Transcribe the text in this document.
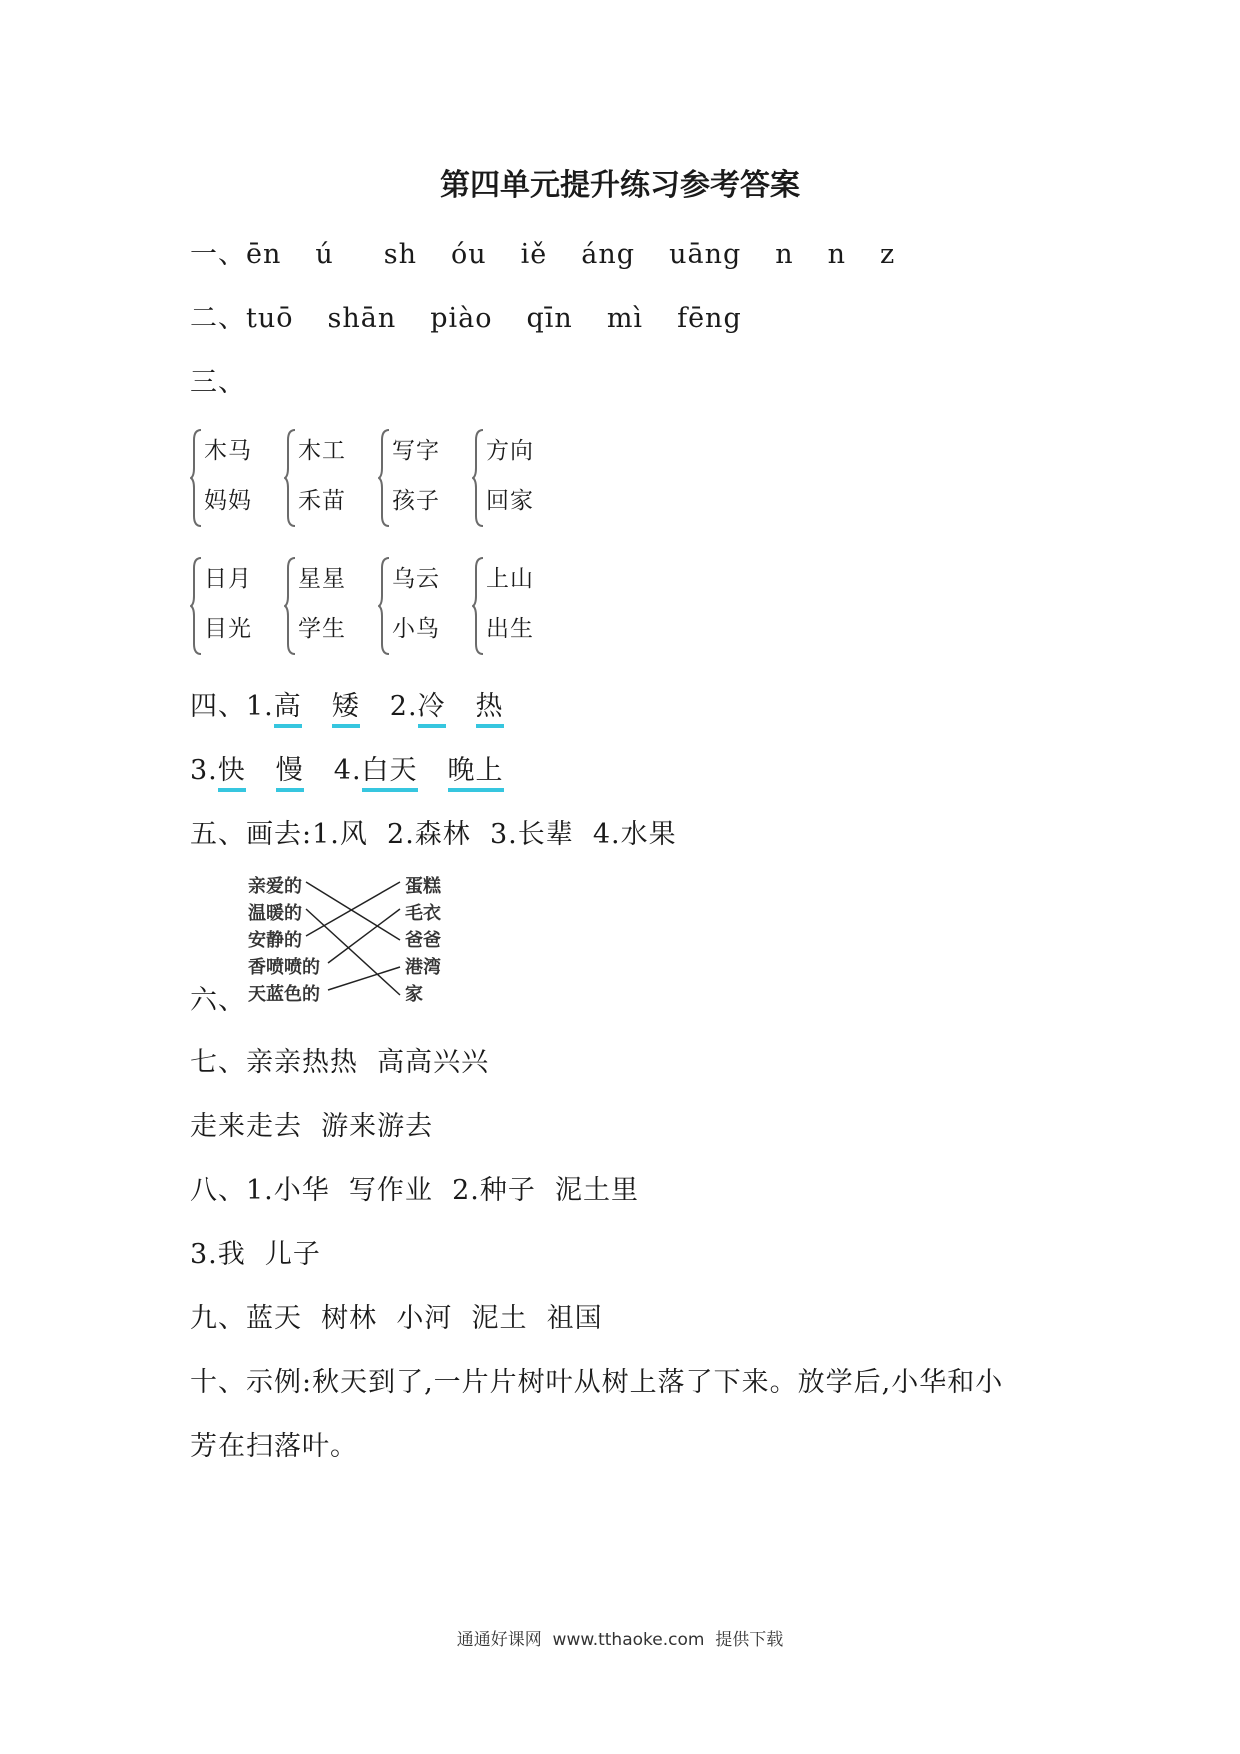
第四单元提升练习参考答案
一、ēn ú sh óu iě áng uāng n n z
二、tuō shān piào qīn mì fēng
三、
木马
妈妈
木工
禾苗
写字
孩子
方向
回家
日月
目光
星星
学生
乌云
小鸟
上山
出生
四、1.高 矮 2.冷 热
3.快 慢 4.白天 晚上
五、画去:1.风  2.森林  3.长辈  4.水果
六、
亲爱的
温暖的
安静的
香喷喷的
天蓝色的
蛋糕
毛衣
爸爸
港湾
家
七、亲亲热热  高高兴兴
走来走去  游来游去
八、1.小华  写作业  2.种子  泥土里
3.我  儿子
九、蓝天  树林  小河  泥土  祖国
十、示例:秋天到了,一片片树叶从树上落了下来。放学后,小华和小
芳在扫落叶。
通通好课网  www.tthaoke.com  提供下载
